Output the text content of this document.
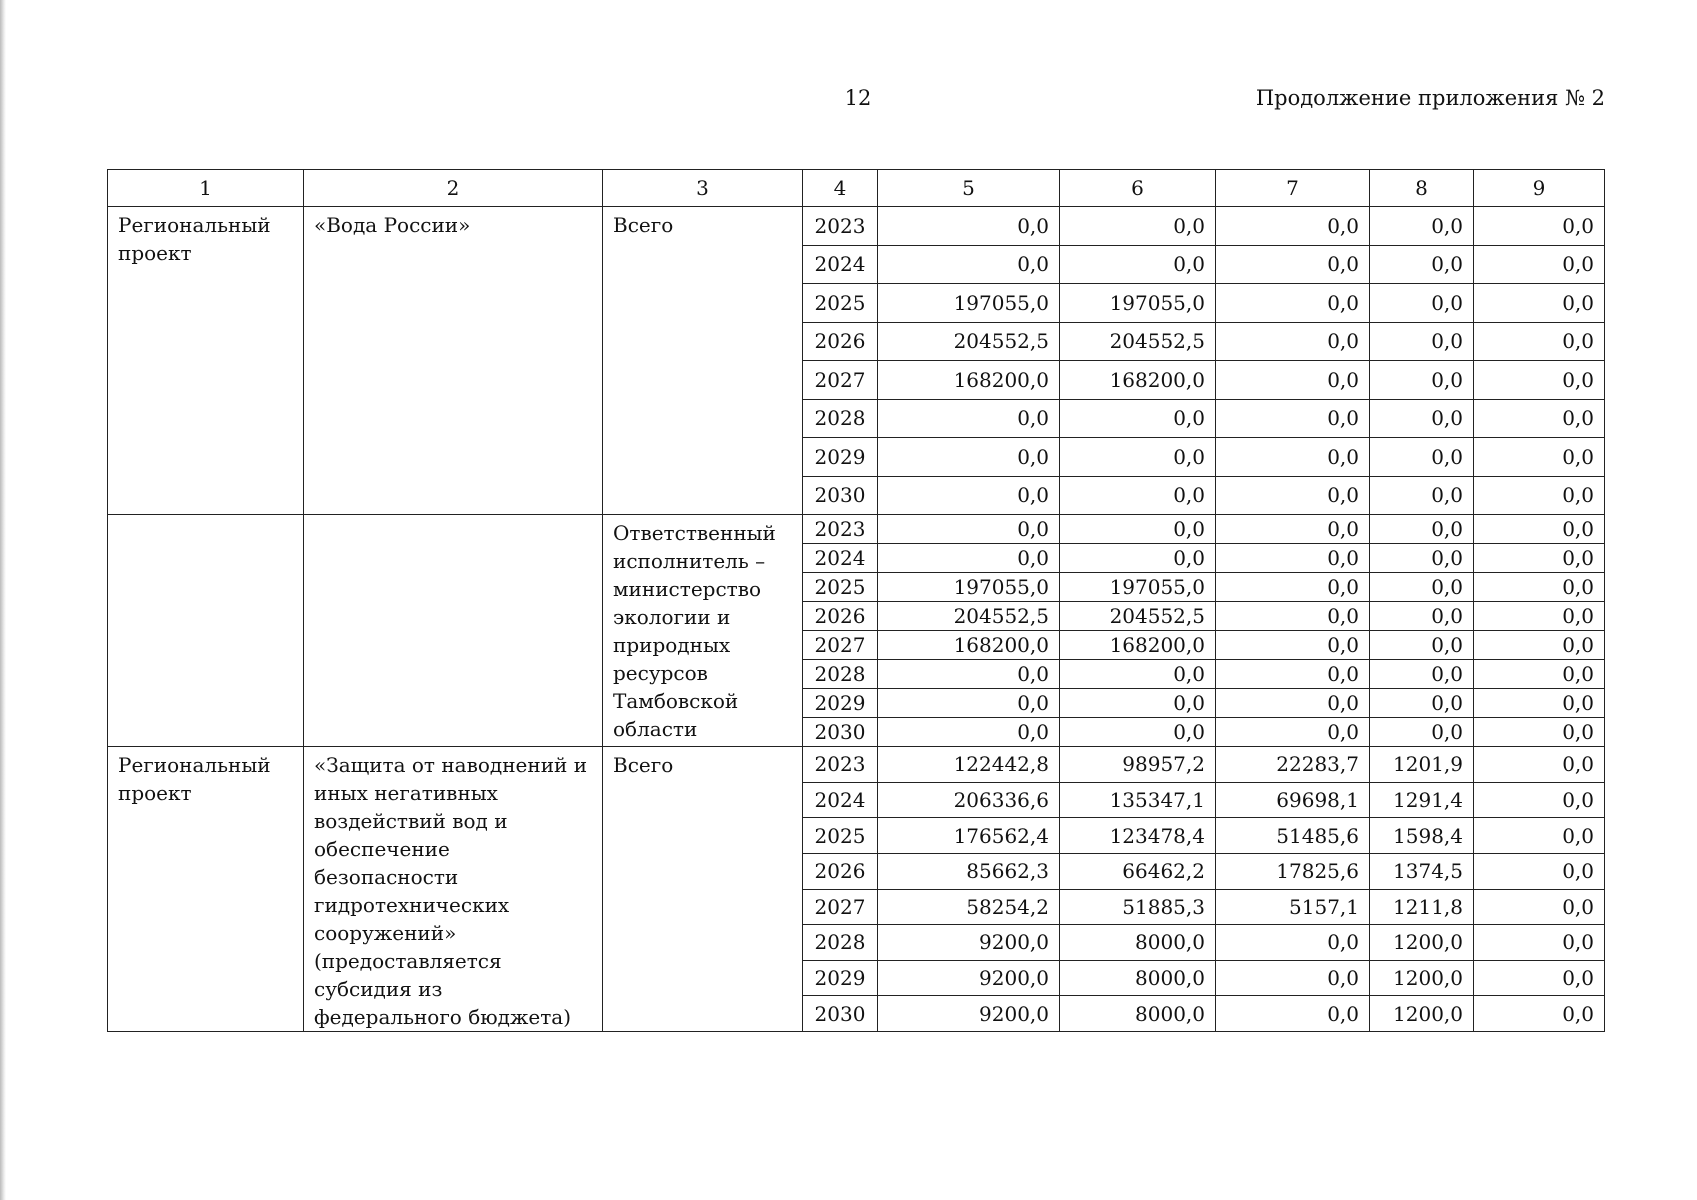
12	Продолжение приложения № 2
1	2	3	4	5	6	7	8	9
Региональный проект	«Вода России»	Всего	2023	0,0	0,0	0,0	0,0	0,0
			2024	0,0	0,0	0,0	0,0	0,0
			2025	197055,0	197055,0	0,0	0,0	0,0
			2026	204552,5	204552,5	0,0	0,0	0,0
			2027	168200,0	168200,0	0,0	0,0	0,0
			2028	0,0	0,0	0,0	0,0	0,0
			2029	0,0	0,0	0,0	0,0	0,0
			2030	0,0	0,0	0,0	0,0	0,0
		Ответственный исполнитель – министерство экологии и природных ресурсов Тамбовской области	2023	0,0	0,0	0,0	0,0	0,0
			2024	0,0	0,0	0,0	0,0	0,0
			2025	197055,0	197055,0	0,0	0,0	0,0
			2026	204552,5	204552,5	0,0	0,0	0,0
			2027	168200,0	168200,0	0,0	0,0	0,0
			2028	0,0	0,0	0,0	0,0	0,0
			2029	0,0	0,0	0,0	0,0	0,0
			2030	0,0	0,0	0,0	0,0	0,0
Региональный проект	«Защита от наводнений и иных негативных воздействий вод и обеспечение безопасности гидротехнических сооружений» (предоставляется субсидия из федерального бюджета)	Всего	2023	122442,8	98957,2	22283,7	1201,9	0,0
			2024	206336,6	135347,1	69698,1	1291,4	0,0
			2025	176562,4	123478,4	51485,6	1598,4	0,0
			2026	85662,3	66462,2	17825,6	1374,5	0,0
			2027	58254,2	51885,3	5157,1	1211,8	0,0
			2028	9200,0	8000,0	0,0	1200,0	0,0
			2029	9200,0	8000,0	0,0	1200,0	0,0
			2030	9200,0	8000,0	0,0	1200,0	0,0
